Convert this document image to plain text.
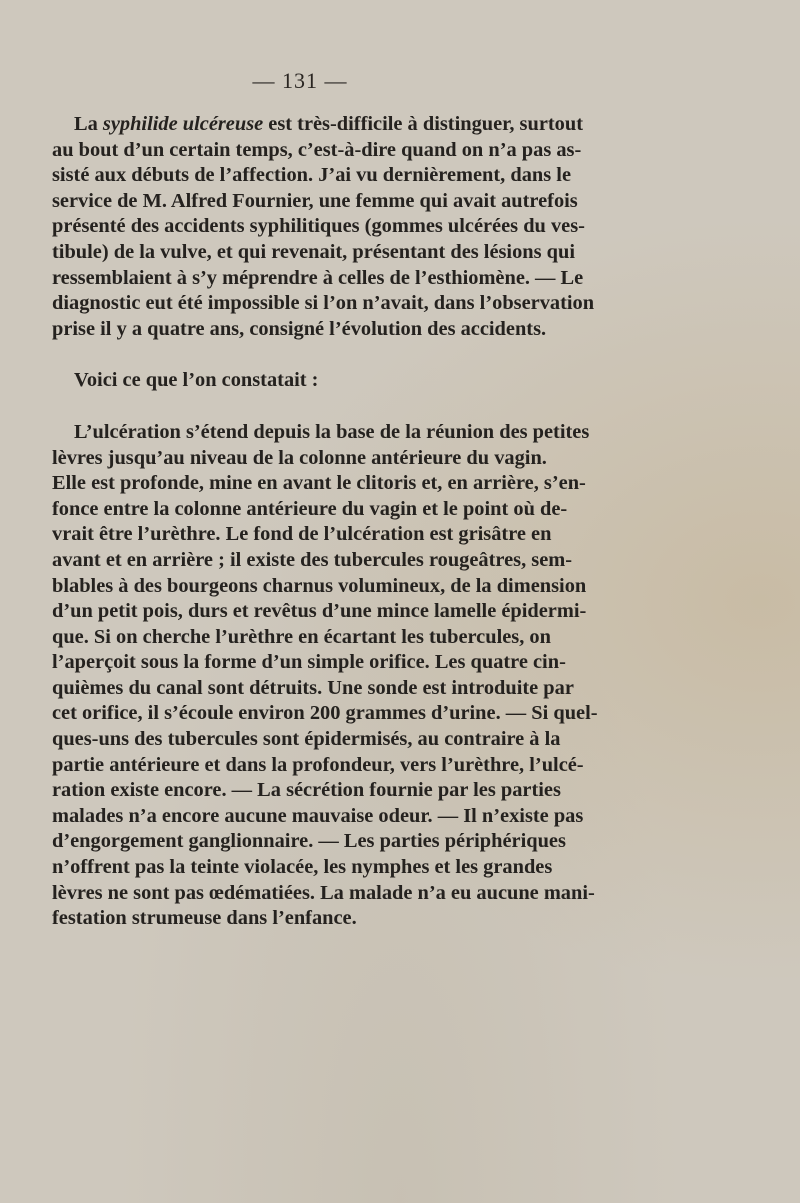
— 131 —

La syphilide ulcéreuse est très-difficile à distinguer, surtout
au bout d’un certain temps, c’est-à-dire quand on n’a pas as-
sisté aux débuts de l’affection. J’ai vu dernièrement, dans le
service de M. Alfred Fournier, une femme qui avait autrefois
présenté des accidents syphilitiques (gommes ulcérées du ves-
tibule) de la vulve, et qui revenait, présentant des lésions qui
ressemblaient à s’y méprendre à celles de l’esthiomène. — Le
diagnostic eut été impossible si l’on n’avait, dans l’observation
prise il y a quatre ans, consigné l’évolution des accidents.

Voici ce que l’on constatait :

L’ulcération s’étend depuis la base de la réunion des petites
lèvres jusqu’au niveau de la colonne antérieure du vagin.
Elle est profonde, mine en avant le clitoris et, en arrière, s’en-
fonce entre la colonne antérieure du vagin et le point où de-
vrait être l’urèthre. Le fond de l’ulcération est grisâtre en
avant et en arrière ; il existe des tubercules rougeâtres, sem-
blables à des bourgeons charnus volumineux, de la dimension
d’un petit pois, durs et revêtus d’une mince lamelle épidermi-
que. Si on cherche l’urèthre en écartant les tubercules, on
l’aperçoit sous la forme d’un simple orifice. Les quatre cin-
quièmes du canal sont détruits. Une sonde est introduite par
cet orifice, il s’écoule environ 200 grammes d’urine. — Si quel-
ques-uns des tubercules sont épidermisés, au contraire à la
partie antérieure et dans la profondeur, vers l’urèthre, l’ulcé-
ration existe encore. — La sécrétion fournie par les parties
malades n’a encore aucune mauvaise odeur. — Il n’existe pas
d’engorgement ganglionnaire. — Les parties périphériques
n’offrent pas la teinte violacée, les nymphes et les grandes
lèvres ne sont pas œdématiées. La malade n’a eu aucune mani-
festation strumeuse dans l’enfance.
